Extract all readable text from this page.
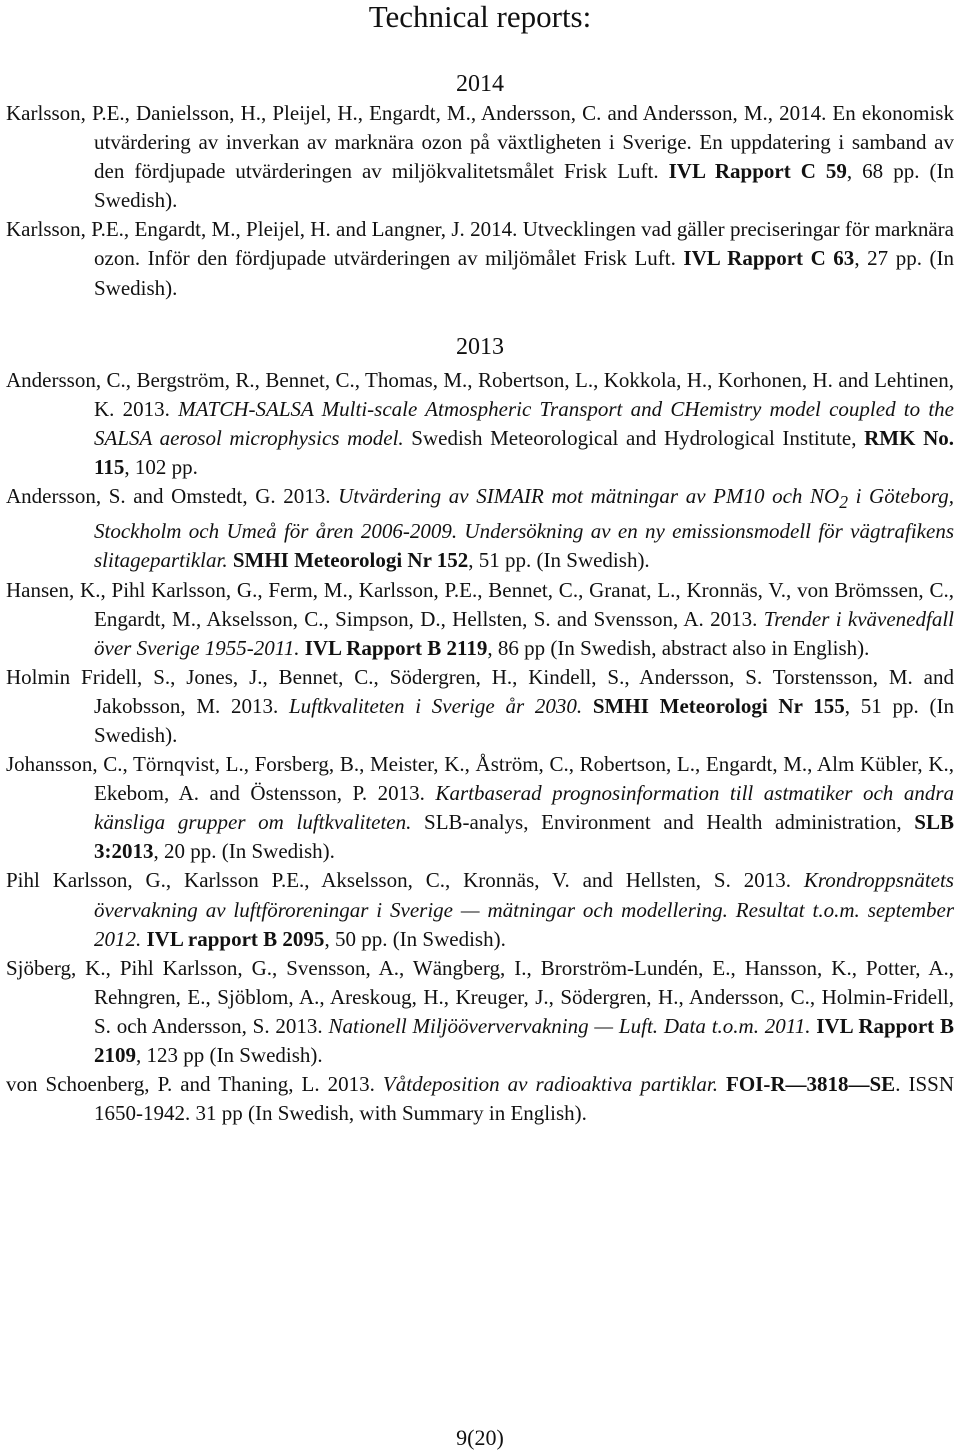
Technical reports:
2014
Karlsson, P.E., Danielsson, H., Pleijel, H., Engardt, M., Andersson, C. and Andersson, M., 2014. En ekonomisk utvärdering av inverkan av marknära ozon på växtligheten i Sverige. En uppdatering i samband av den fördjupade utvärderingen av miljökvalitetsmålet Frisk Luft. IVL Rapport C 59, 68 pp. (In Swedish).
Karlsson, P.E., Engardt, M., Pleijel, H. and Langner, J. 2014. Utvecklingen vad gäller preciseringar för marknära ozon. Inför den fördjupade utvärderingen av miljömålet Frisk Luft. IVL Rapport C 63, 27 pp. (In Swedish).
2013
Andersson, C., Bergström, R., Bennet, C., Thomas, M., Robertson, L., Kokkola, H., Korhonen, H. and Lehtinen, K. 2013. MATCH-SALSA Multi-scale Atmospheric Transport and CHemistry model coupled to the SALSA aerosol microphysics model. Swedish Meteorological and Hydrological Institute, RMK No. 115, 102 pp.
Andersson, S. and Omstedt, G. 2013. Utvärdering av SIMAIR mot mätningar av PM10 och $NO_2$ i Göteborg, Stockholm och Umeå för åren 2006-2009. Undersökning av en ny emissionsmodell för vägtrafikens slitagepartiklar. SMHI Meteorologi Nr 152, 51 pp. (In Swedish).
Hansen, K., Pihl Karlsson, G., Ferm, M., Karlsson, P.E., Bennet, C., Granat, L., Kronnäs, V., von Brömssen, C., Engardt, M., Akselsson, C., Simpson, D., Hellsten, S. and Svensson, A. 2013. Trender i kvävenedfall över Sverige 1955-2011. IVL Rapport B 2119, 86 pp (In Swedish, abstract also in English).
Holmin Fridell, S., Jones, J., Bennet, C., Södergren, H., Kindell, S., Andersson, S. Torstensson, M. and Jakobsson, M. 2013. Luftkvaliteten i Sverige år 2030. SMHI Meteorologi Nr 155, 51 pp. (In Swedish).
Johansson, C., Törnqvist, L., Forsberg, B., Meister, K., Åström, C., Robertson, L., Engardt, M., Alm Kübler, K., Ekebom, A. and Östensson, P. 2013. Kartbaserad prognosinformation till astmatiker och andra känsliga grupper om luftkvaliteten. SLB-analys, Environment and Health administration, SLB 3:2013, 20 pp. (In Swedish).
Pihl Karlsson, G., Karlsson P.E., Akselsson, C., Kronnäs, V. and Hellsten, S. 2013. Krondroppsnätets övervakning av luftföroreningar i Sverige — mätningar och modellering. Resultat t.o.m. september 2012. IVL rapport B 2095, 50 pp. (In Swedish).
Sjöberg, K., Pihl Karlsson, G., Svensson, A., Wängberg, I., Brorström-Lundén, E., Hansson, K., Potter, A., Rehngren, E., Sjöblom, A., Areskoug, H., Kreuger, J., Södergren, H., Andersson, C., Holmin-Fridell, S. och Andersson, S. 2013. Nationell Miljööververvakning — Luft. Data t.o.m. 2011. IVL Rapport B 2109, 123 pp (In Swedish).
von Schoenberg, P. and Thaning, L. 2013. Våtdeposition av radioaktiva partiklar. FOI-R—3818—SE. ISSN 1650-1942. 31 pp (In Swedish, with Summary in English).
9(20)
